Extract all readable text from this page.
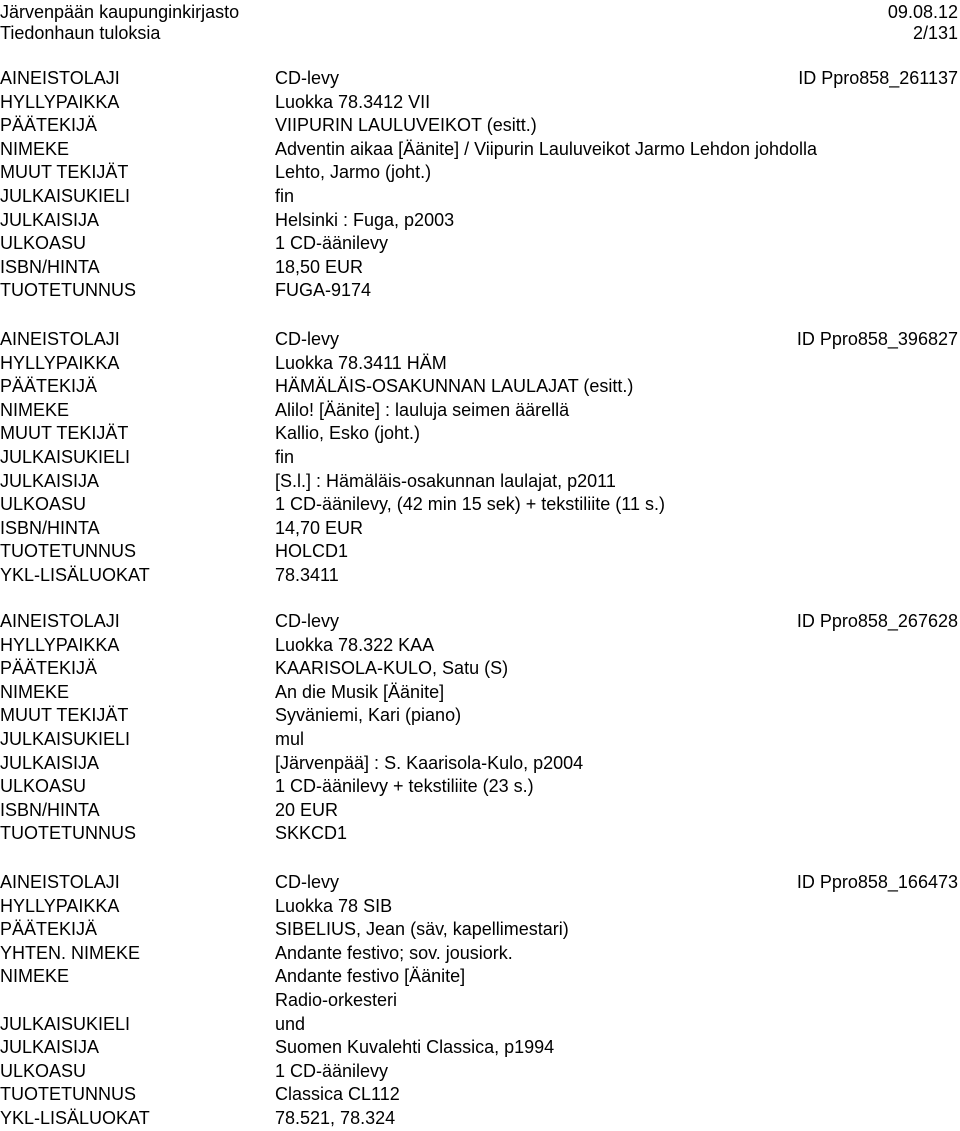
Järvenpään kaupunginkirjasto	09.08.12
Tiedonhaun tuloksia	2/131
AINEISTOLAJI	CD-levy	ID Ppro858_261137
HYLLYPAIKKA	Luokka 78.3412 VII
PÄÄTEKIJÄ	VIIPURIN LAULUVEIKOT (esitt.)
NIMEKE	Adventin aikaa [Äänite] / Viipurin Lauluveikot Jarmo Lehdon johdolla
MUUT TEKIJÄT	Lehto, Jarmo (joht.)
JULKAISUKIELI	fin
JULKAISIJA	Helsinki : Fuga, p2003
ULKOASU	1 CD-äänilevy
ISBN/HINTA	18,50 EUR
TUOTETUNNUS	FUGA-9174
AINEISTOLAJI	CD-levy	ID Ppro858_396827
HYLLYPAIKKA	Luokka 78.3411 HÄM
PÄÄTEKIJÄ	HÄMÄLÄIS-OSAKUNNAN LAULAJAT (esitt.)
NIMEKE	Alilo! [Äänite] : lauluja seimen äärellä
MUUT TEKIJÄT	Kallio, Esko (joht.)
JULKAISUKIELI	fin
JULKAISIJA	[S.l.] : Hämäläis-osakunnan laulajat, p2011
ULKOASU	1 CD-äänilevy, (42 min 15 sek) + tekstiliite (11 s.)
ISBN/HINTA	14,70 EUR
TUOTETUNNUS	HOLCD1
YKL-LISÄLUOKAT	78.3411
AINEISTOLAJI	CD-levy	ID Ppro858_267628
HYLLYPAIKKA	Luokka 78.322 KAA
PÄÄTEKIJÄ	KAARISOLA-KULO, Satu (S)
NIMEKE	An die Musik [Äänite]
MUUT TEKIJÄT	Syväniemi, Kari (piano)
JULKAISUKIELI	mul
JULKAISIJA	[Järvenpää] : S. Kaarisola-Kulo, p2004
ULKOASU	1 CD-äänilevy + tekstiliite (23 s.)
ISBN/HINTA	20 EUR
TUOTETUNNUS	SKKCD1
AINEISTOLAJI	CD-levy	ID Ppro858_166473
HYLLYPAIKKA	Luokka 78 SIB
PÄÄTEKIJÄ	SIBELIUS, Jean (säv, kapellimestari)
YHTEN. NIMEKE	Andante festivo; sov. jousiork.
NIMEKE	Andante festivo [Äänite]
Radio-orkesteri
JULKAISUKIELI	und
JULKAISIJA	Suomen Kuvalehti Classica, p1994
ULKOASU	1 CD-äänilevy
TUOTETUNNUS	Classica CL112
YKL-LISÄLUOKAT	78.521, 78.324
